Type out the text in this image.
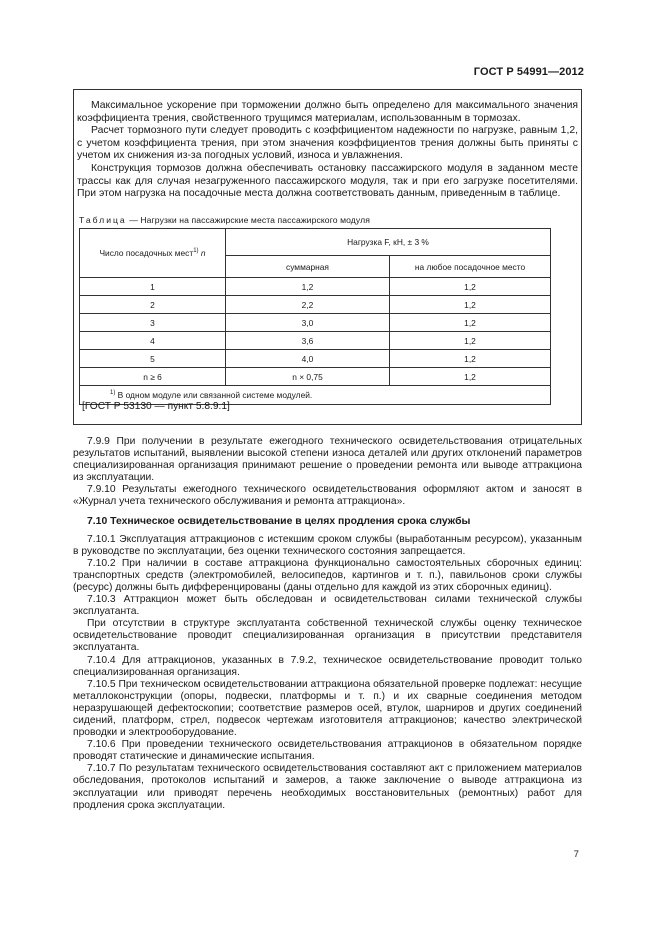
ГОСТ Р 54991—2012

Максимальное ускорение при торможении должно быть определено для максимального значения коэффициента трения, свойственного трущимся материалам, использованным в тормозах.

Расчет тормозного пути следует проводить с коэффициентом надежности по нагрузке, равным 1,2, с учетом коэффициента трения, при этом значения коэффициентов трения должны быть приняты с учетом их снижения из-за погодных условий, износа и увлажнения.

Конструкция тормозов должна обеспечивать остановку пассажирского модуля в заданном месте трассы как для случая незагруженного пассажирского модуля, так и при его загрузке посетителями. При этом нагрузка на посадочные места должна соответствовать данным, приведенным в таблице.

Таблица — Нагрузки на пассажирские места пассажирского модуля
Число посадочных мест$^{1)}$ n	Нагрузка F, кН, ± 3 %	
	суммарная	на любое посадочное место
1	1,2	1,2
2	2,2	1,2
3	3,0	1,2
4	3,6	1,2
5	4,0	1,2
n ≥ 6	n × 0,75	1,2
$^{1)}$ В одном модуле или связанной системе модулей.		
[ГОСТ Р 53130 — пункт 5.8.9.1]

7.9.9 При получении в результате ежегодного технического освидетельствования отрицательных результатов испытаний, выявлении высокой степени износа деталей или других отклонений параметров специализированная организация принимают решение о проведении ремонта или выводе аттракциона из эксплуатации.

7.9.10 Результаты ежегодного технического освидетельствования оформляют актом и заносят в «Журнал учета технического обслуживания и ремонта аттракциона».

7.10 Техническое освидетельствование в целях продления срока службы

7.10.1 Эксплуатация аттракционов с истекшим сроком службы (выработанным ресурсом), указанным в руководстве по эксплуатации, без оценки технического состояния запрещается.

7.10.2 При наличии в составе аттракциона функционально самостоятельных сборочных единиц: транспортных средств (электромобилей, велосипедов, картингов и т. п.), павильонов сроки службы (ресурс) должны быть дифференцированы (даны отдельно для каждой из этих сборочных единиц).

7.10.3 Аттракцион может быть обследован и освидетельствован силами технической службы эксплуатанта.

При отсутствии в структуре эксплуатанта собственной технической службы оценку техническое освидетельствование проводит специализированная организация в присутствии представителя эксплуатанта.

7.10.4 Для аттракционов, указанных в 7.9.2, техническое освидетельствование проводит только специализированная организация.

7.10.5 При техническом освидетельствовании аттракциона обязательной проверке подлежат: несущие металлоконструкции (опоры, подвески, платформы и т. п.) и их сварные соединения методом неразрушающей дефектоскопии; соответствие размеров осей, втулок, шарниров и других соединений сидений, платформ, стрел, подвесок чертежам изготовителя аттракционов; качество электрической проводки и электрооборудование.

7.10.6 При проведении технического освидетельствования аттракционов в обязательном порядке проводят статические и динамические испытания.

7.10.7 По результатам технического освидетельствования составляют акт с приложением материалов обследования, протоколов испытаний и замеров, а также заключение о выводе аттракциона из эксплуатации или приводят перечень необходимых восстановительных (ремонтных) работ для продления срока эксплуатации.

7
